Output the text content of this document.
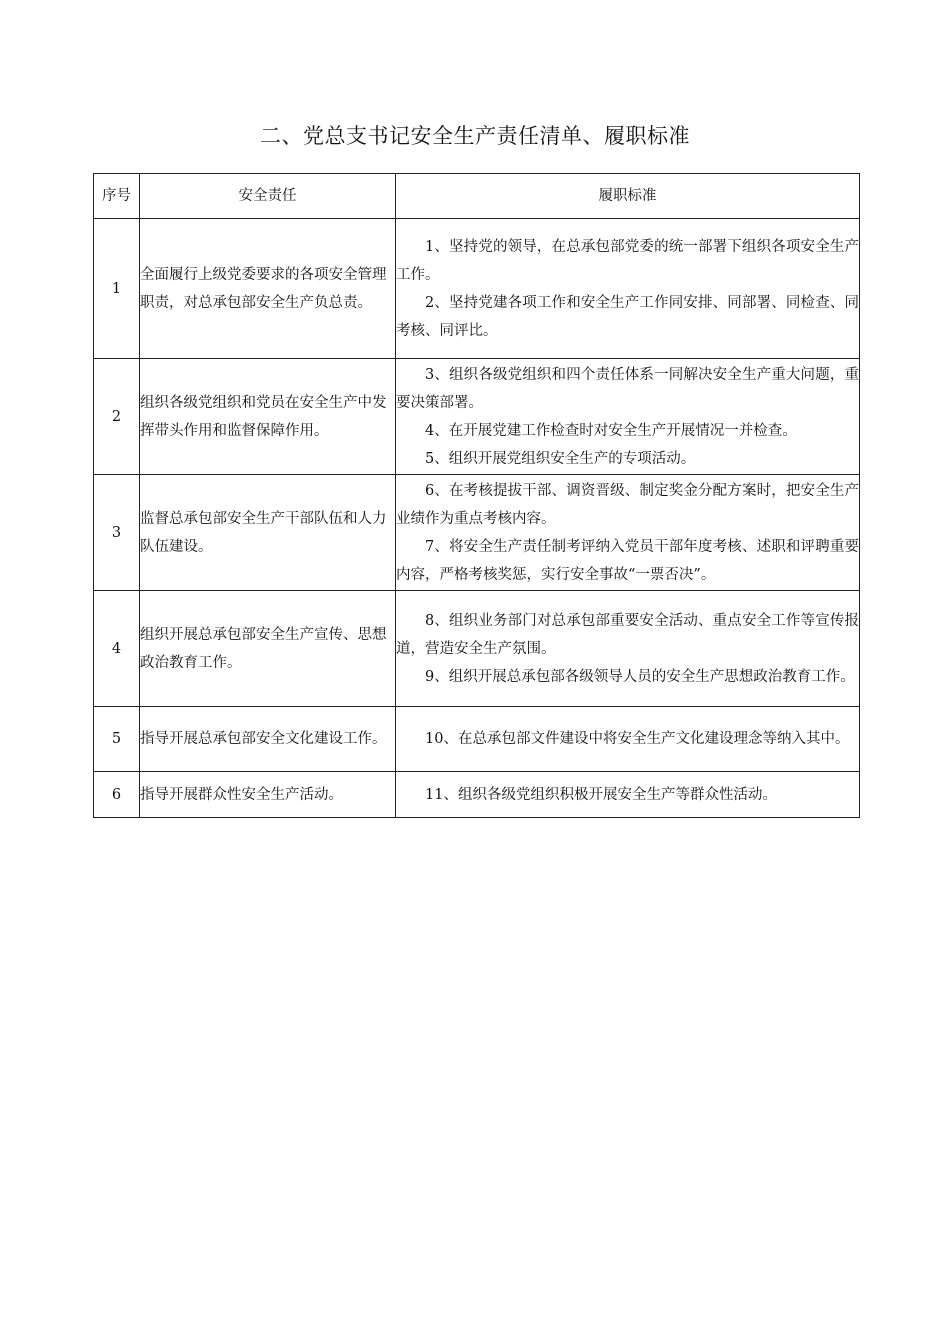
二、党总支书记安全生产责任清单、履职标准
序号	安全责任	履职标准
1	全面履行上级党委要求的各项安全管理职责，对总承包部安全生产负总责。	1、坚持党的领导，在总承包部党委的统一部署下组织各项安全生产工作。

2、坚持党建各项工作和安全生产工作同安排、同部署、同检查、同考核、同评比。

2	组织各级党组织和党员在安全生产中发挥带头作用和监督保障作用。	3、组织各级党组织和四个责任体系一同解决安全生产重大问题，重要决策部署。

4、在开展党建工作检查时对安全生产开展情况一并检查。

5、组织开展党组织安全生产的专项活动。

3	监督总承包部安全生产干部队伍和人力队伍建设。	6、在考核提拔干部、调资晋级、制定奖金分配方案时，把安全生产业绩作为重点考核内容。

7、将安全生产责任制考评纳入党员干部年度考核、述职和评聘重要内容，严格考核奖惩，实行安全事故“一票否决”。

4	组织开展总承包部安全生产宣传、思想政治教育工作。	8、组织业务部门对总承包部重要安全活动、重点安全工作等宣传报道，营造安全生产氛围。

9、组织开展总承包部各级领导人员的安全生产思想政治教育工作。

5	指导开展总承包部安全文化建设工作。	10、在总承包部文件建设中将安全生产文化建设理念等纳入其中。

6	指导开展群众性安全生产活动。	11、组织各级党组织积极开展安全生产等群众性活动。
